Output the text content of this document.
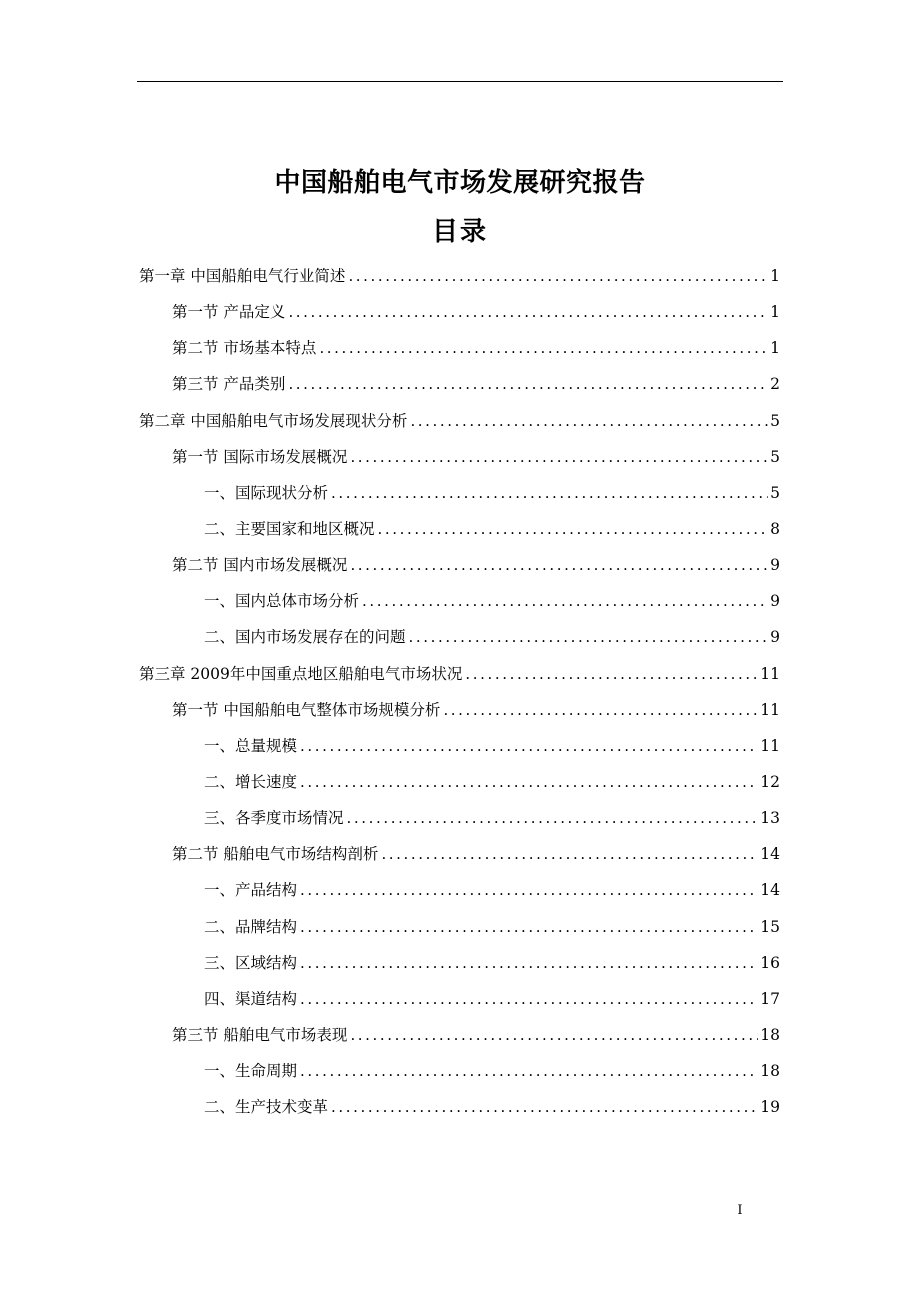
中国船舶电气市场发展研究报告
目录
第一章 中国船舶电气行业简述 .....	1
第一节 产品定义 .....	1
第二节 市场基本特点 .....	1
第三节 产品类别 .....	2
第二章 中国船舶电气市场发展现状分析 .....	5
第一节 国际市场发展概况 .....	5
一、国际现状分析 .....	5
二、主要国家和地区概况 .....	8
第二节 国内市场发展概况 .....	9
一、国内总体市场分析 .....	9
二、国内市场发展存在的问题 .....	9
第三章 2009年中国重点地区船舶电气市场状况 .....	11
第一节 中国船舶电气整体市场规模分析 .....	11
一、总量规模 .....	11
二、增长速度 .....	12
三、各季度市场情况 .....	13
第二节 船舶电气市场结构剖析 .....	14
一、产品结构 .....	14
二、品牌结构 .....	15
三、区域结构 .....	16
四、渠道结构 .....	17
第三节 船舶电气市场表现 .....	18
一、生命周期 .....	18
二、生产技术变革 .....	19
I
